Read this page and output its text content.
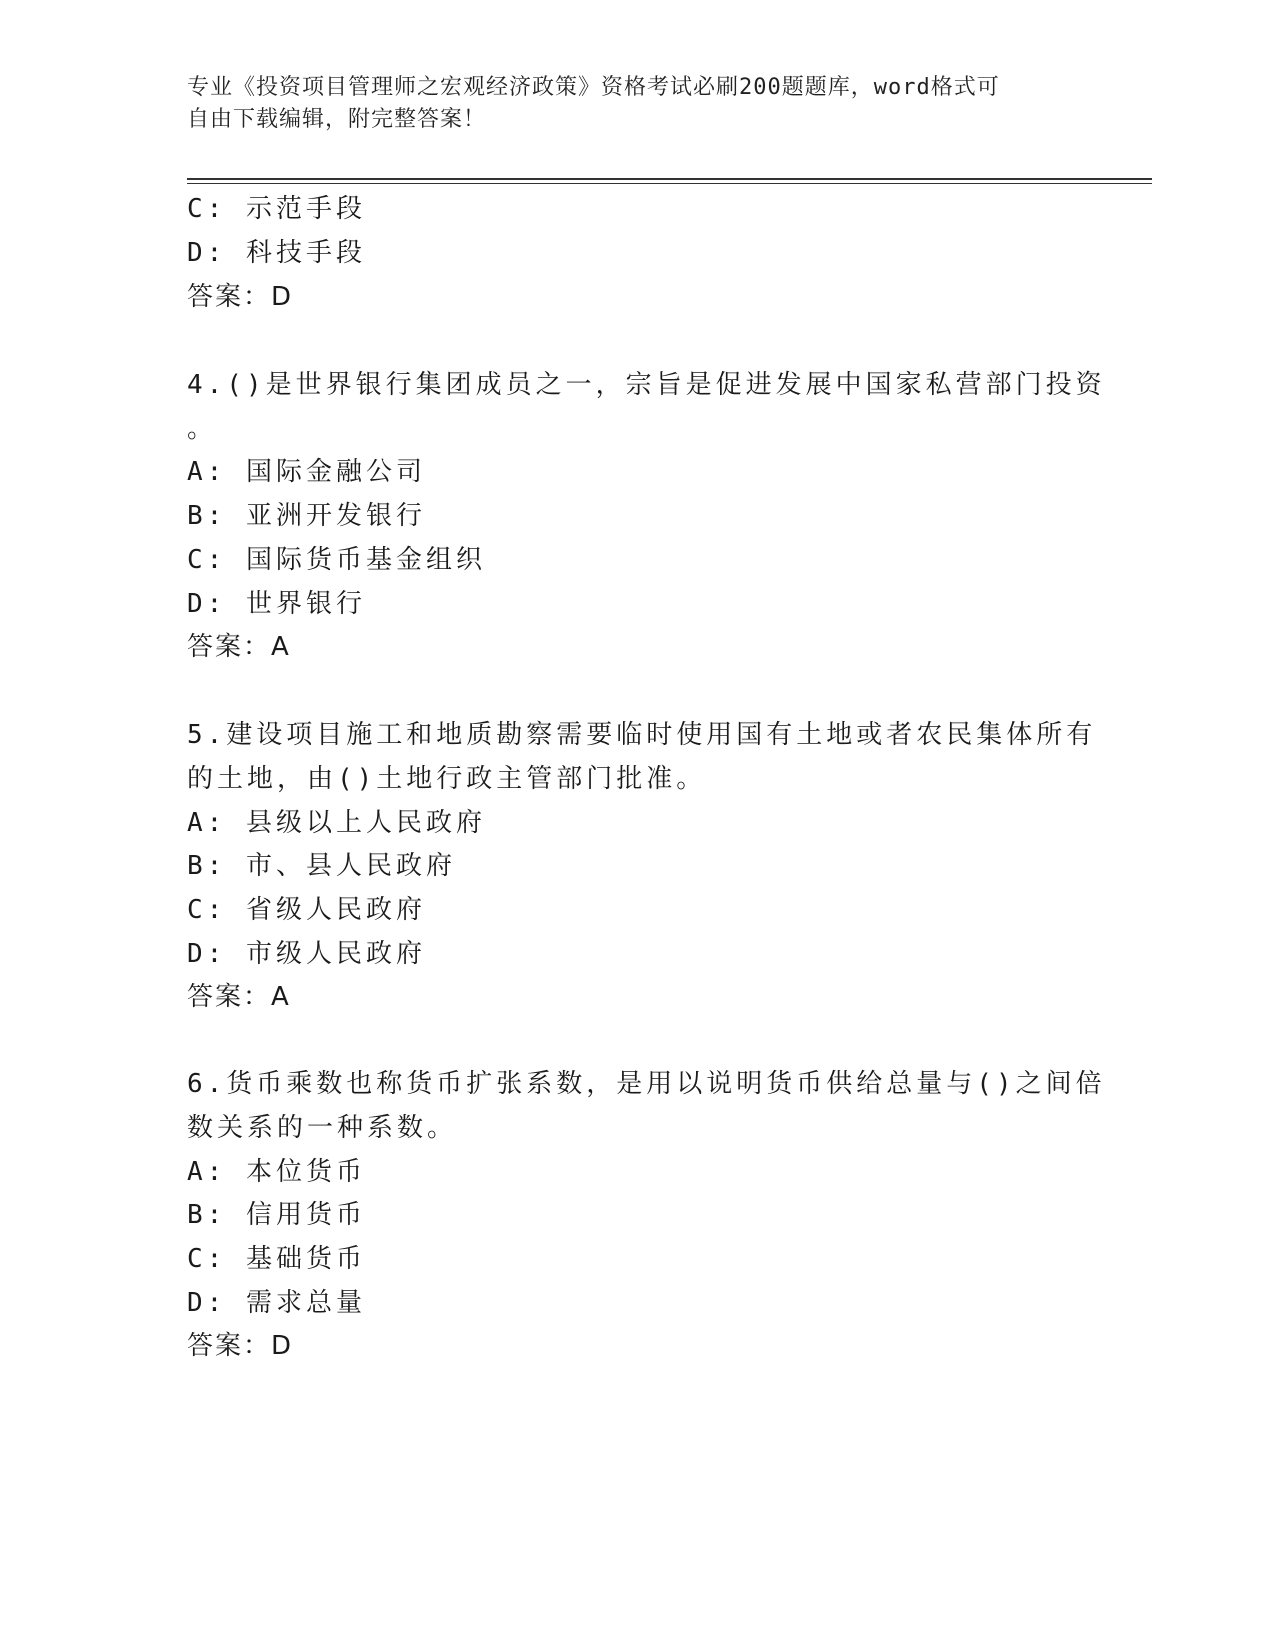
专业《投资项目管理师之宏观经济政策》资格考试必刷200题题库，word格式可
自由下载编辑，附完整答案！
C: 示范手段
D: 科技手段
答案：D
4.()是世界银行集团成员之一，宗旨是促进发展中国家私营部门投资
。
A: 国际金融公司
B: 亚洲开发银行
C: 国际货币基金组织
D: 世界银行
答案：A
5.建设项目施工和地质勘察需要临时使用国有土地或者农民集体所有
的土地，由()土地行政主管部门批准。
A: 县级以上人民政府
B: 市、县人民政府
C: 省级人民政府
D: 市级人民政府
答案：A
6.货币乘数也称货币扩张系数，是用以说明货币供给总量与()之间倍
数关系的一种系数。
A: 本位货币
B: 信用货币
C: 基础货币
D: 需求总量
答案：D
